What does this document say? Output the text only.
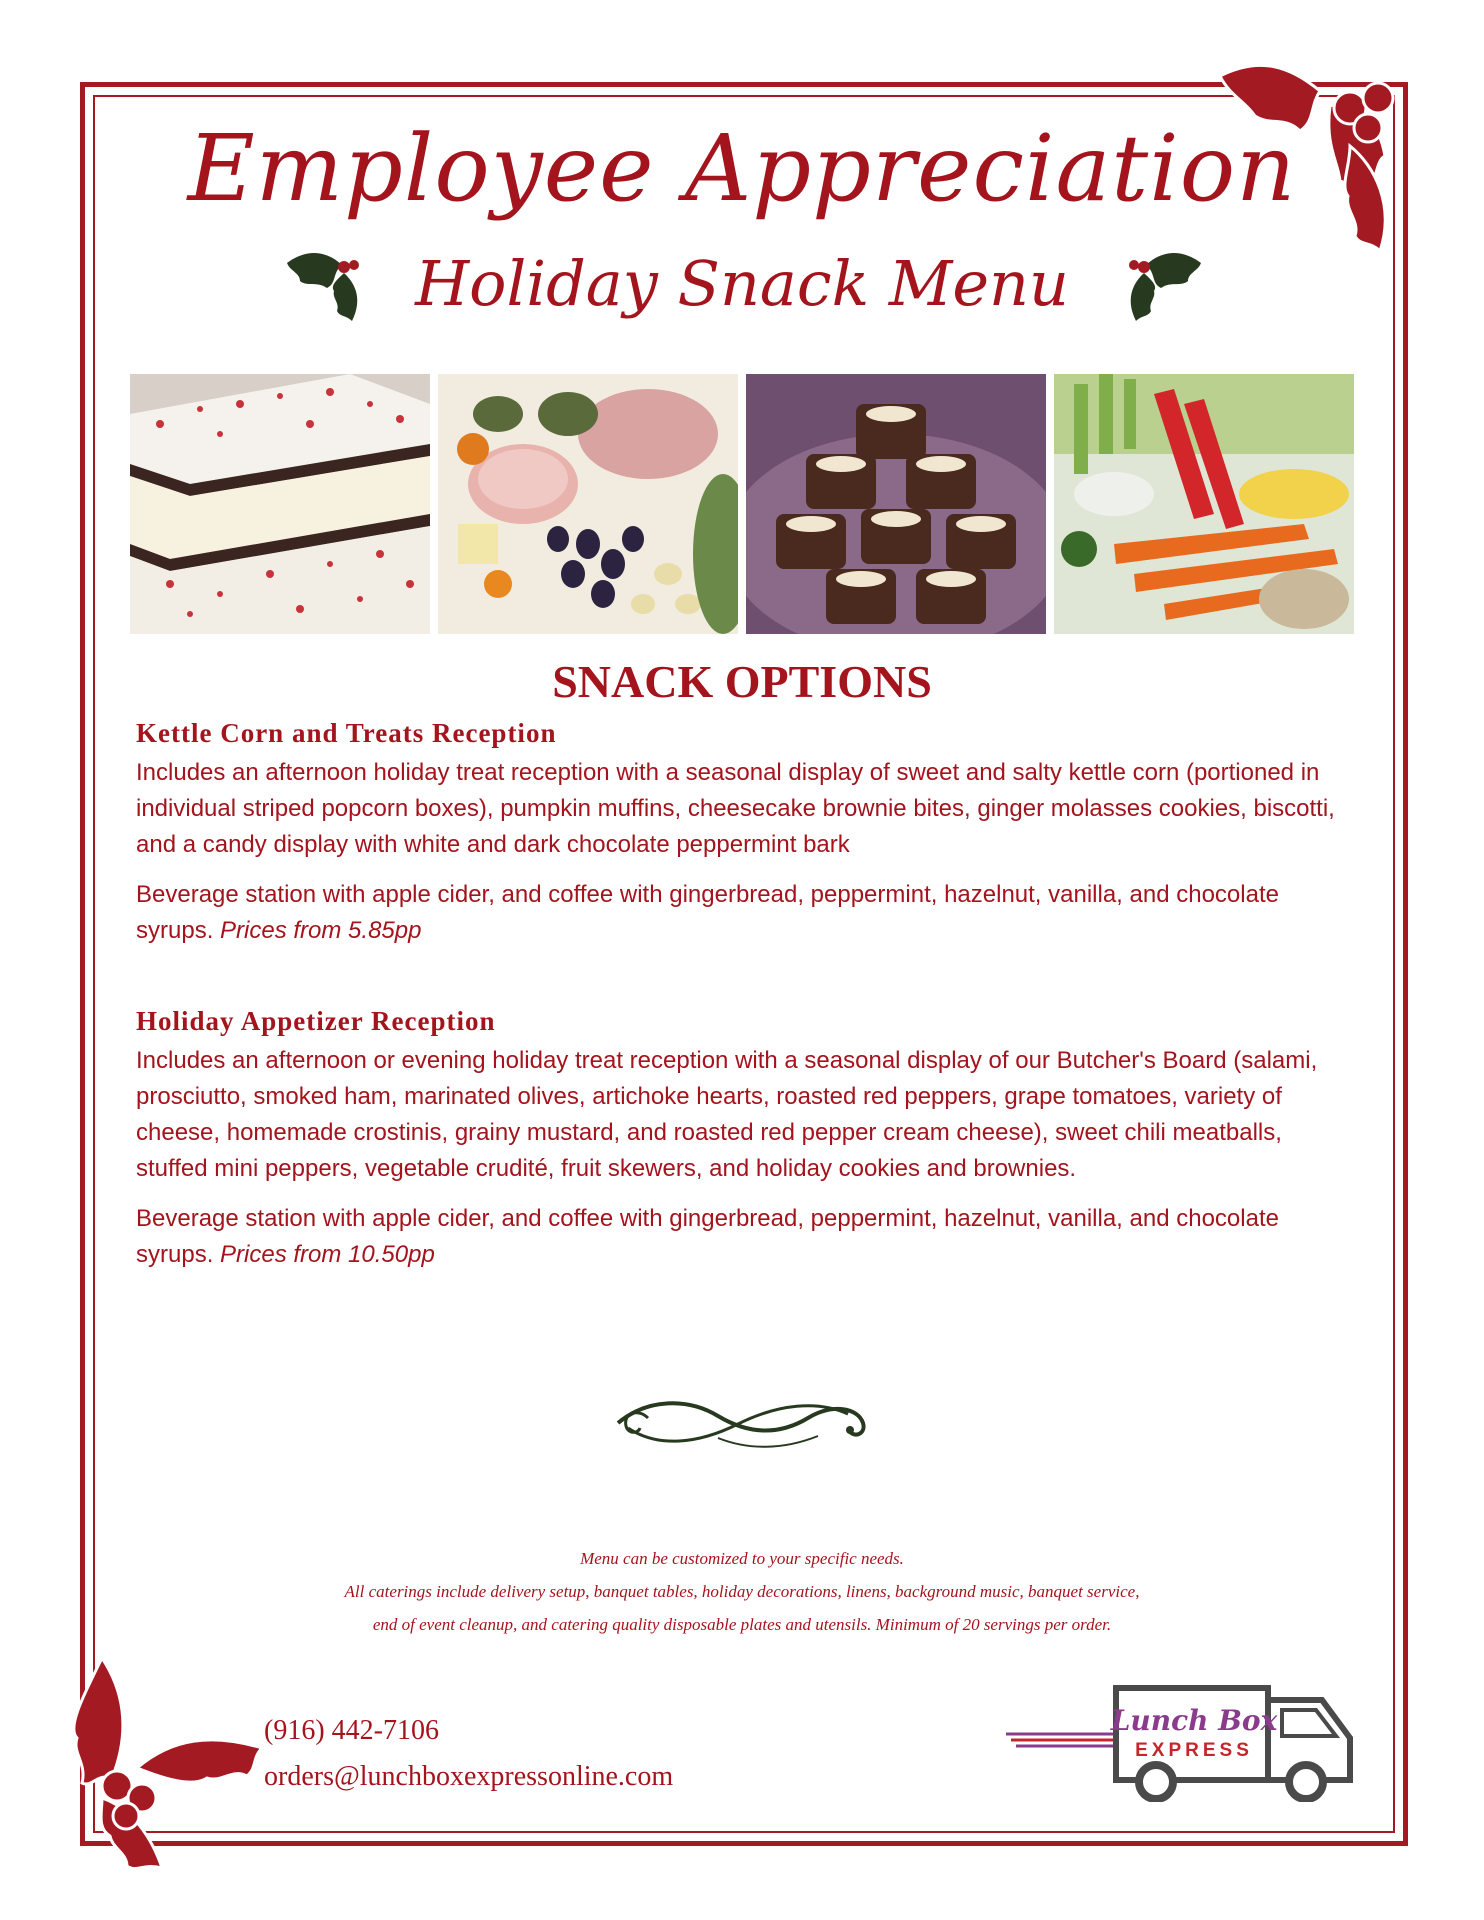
Employee Appreciation
Holiday Snack Menu
SNACK OPTIONS
Kettle Corn and Treats Reception

Includes an afternoon holiday treat reception with a seasonal display of sweet and salty kettle corn (portioned in individual striped popcorn boxes), pumpkin muffins, cheesecake brownie bites, ginger molasses cookies, biscotti, and a candy display with white and dark chocolate peppermint bark

Beverage station with apple cider, and coffee with gingerbread, peppermint, hazelnut, vanilla, and chocolate syrups. Prices from 5.85pp

Holiday Appetizer Reception

Includes an afternoon or evening holiday treat reception with a seasonal display of our Butcher's Board (salami, prosciutto, smoked ham, marinated olives, artichoke hearts, roasted red peppers, grape tomatoes, variety of cheese, homemade crostinis, grainy mustard, and roasted red pepper cream cheese), sweet chili meatballs, stuffed mini peppers, vegetable crudité, fruit skewers, and holiday cookies and brownies.

Beverage station with apple cider, and coffee with gingerbread, peppermint, hazelnut, vanilla, and chocolate syrups. Prices from 10.50pp

Menu can be customized to your specific needs.
All caterings include delivery setup, banquet tables, holiday decorations, linens, background music, banquet service,
end of event cleanup, and catering quality disposable plates and utensils. Minimum of 20 servings per order.
(916) 442-7106
orders@lunchboxexpressonline.com
Lunch Box
EXPRESS
